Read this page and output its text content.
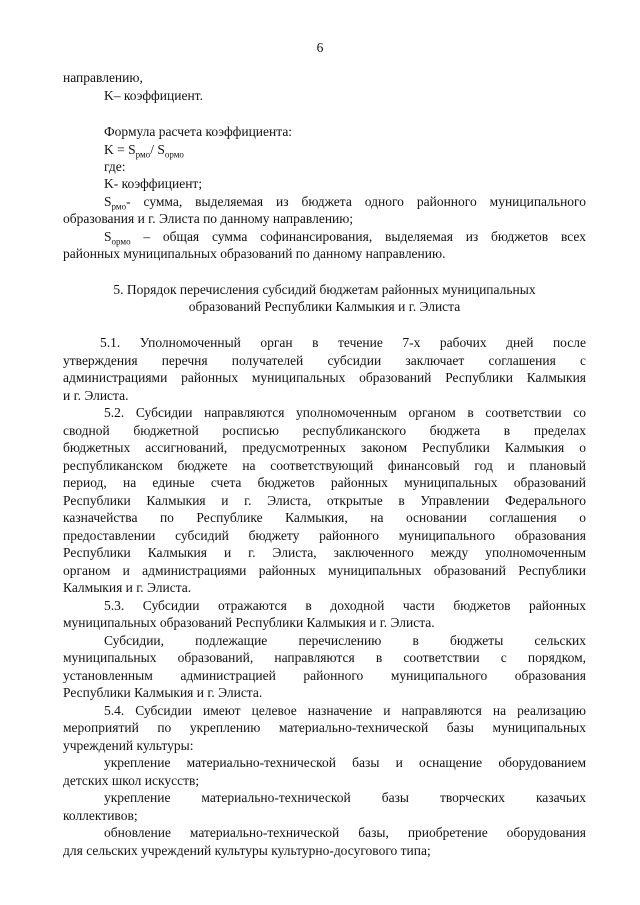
6
направлению,
K– коэффициент.
Формула расчета коэффициента:
$K = S_{рмо}/$ $S_{ормо}$
где:
K- коэффициент;
$S_{рмо}-$ сумма, выделяемая из бюджета одного районного муниципального
образования и г. Элиста по данному направлению;
$S_{ормо}$ – общая сумма софинансирования, выделяемая из бюджетов всех
районных муниципальных образований по данному направлению.
5. Порядок перечисления субсидий бюджетам районных муниципальных
образований Республики Калмыкия и г. Элиста
5.1. Уполномоченный орган в течение 7-х рабочих дней после
утверждения перечня получателей субсидии заключает соглашения с
администрациями районных муниципальных образований Республики Калмыкия
и г. Элиста.
5.2. Субсидии направляются уполномоченным органом в соответствии со
сводной бюджетной росписью республиканского бюджета в пределах
бюджетных ассигнований, предусмотренных законом Республики Калмыкия о
республиканском бюджете на соответствующий финансовый год и плановый
период, на единые счета бюджетов районных муниципальных образований
Республики Калмыкия и г. Элиста, открытые в Управлении Федерального
казначейства по Республике Калмыкия, на основании соглашения о
предоставлении субсидий бюджету районного муниципального образования
Республики Калмыкия и г. Элиста, заключенного между уполномоченным
органом и администрациями районных муниципальных образований Республики
Калмыкия и г. Элиста.
5.3. Субсидии отражаются в доходной части бюджетов районных
муниципальных образований Республики Калмыкия и г. Элиста.
Субсидии, подлежащие перечислению в бюджеты сельских
муниципальных образований, направляются в соответствии с порядком,
установленным администрацией районного муниципального образования
Республики Калмыкия и г. Элиста.
5.4. Субсидии имеют целевое назначение и направляются на реализацию
мероприятий по укреплению материально-технической базы муниципальных
учреждений культуры:
укрепление материально-технической базы и оснащение оборудованием
детских школ искусств;
укрепление материально-технической базы творческих казачьих
коллективов;
обновление материально-технической базы, приобретение оборудования
для сельских учреждений культуры культурно-досугового типа;
